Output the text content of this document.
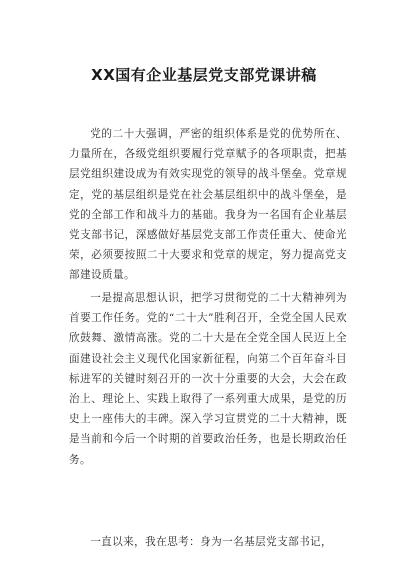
XX国有企业基层党支部党课讲稿

党的二十大强调，严密的组织体系是党的优势所在、力量所在，各级党组织要履行党章赋予的各项职责，把基层党组织建设成为有效实现党的领导的战斗堡垒。党章规定，党的基层组织是党在社会基层组织中的战斗堡垒，是党的全部工作和战斗力的基础。我身为一名国有企业基层党支部书记，深感做好基层党支部工作责任重大、使命光荣，必须要按照二十大要求和党章的规定，努力提高党支部建设质量。

一是提高思想认识，把学习贯彻党的二十大精神列为首要工作任务。党的“二十大”胜利召开，全党全国人民欢欣鼓舞、激情高涨。党的二十大是在全党全国人民迈上全面建设社会主义现代化国家新征程，向第二个百年奋斗目标进军的关键时刻召开的一次十分重要的大会，大会在政治上、理论上、实践上取得了一系列重大成果，是党的历史上一座伟大的丰碑。深入学习宣贯党的二十大精神，既是当前和今后一个时期的首要政治任务，也是长期政治任务。

一直以来，我在思考：身为一名基层党支部书记，
